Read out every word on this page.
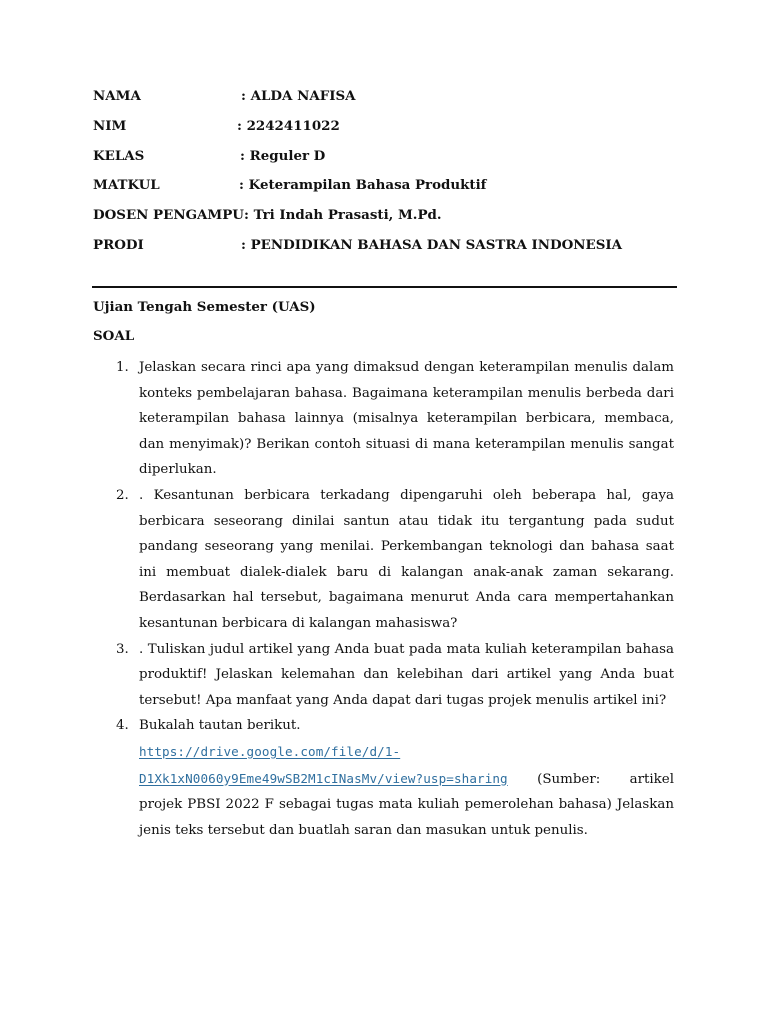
NAMA	: ALDA NAFISA
NIM	: 2242411022
KELAS	: Reguler D
MATKUL	: Keterampilan Bahasa Produktif
DOSEN PENGAMPU : Tri Indah Prasasti, M.Pd.
PRODI	: PENDIDIKAN BAHASA DAN SASTRA INDONESIA
Ujian Tengah Semester (UAS)
SOAL
1. Jelaskan secara rinci apa yang dimaksud dengan keterampilan menulis dalam konteks pembelajaran bahasa. Bagaimana keterampilan menulis berbeda dari keterampilan bahasa lainnya (misalnya keterampilan berbicara, membaca, dan menyimak)? Berikan contoh situasi di mana keterampilan menulis sangat diperlukan.
2. . Kesantunan berbicara terkadang dipengaruhi oleh beberapa hal, gaya berbicara seseorang dinilai santun atau tidak itu tergantung pada sudut pandang seseorang yang menilai. Perkembangan teknologi dan bahasa saat ini membuat dialek-dialek baru di kalangan anak-anak zaman sekarang. Berdasarkan hal tersebut, bagaimana menurut Anda cara mempertahankan kesantunan berbicara di kalangan mahasiswa?
3. . Tuliskan judul artikel yang Anda buat pada mata kuliah keterampilan bahasa produktif! Jelaskan kelemahan dan kelebihan dari artikel yang Anda buat tersebut! Apa manfaat yang Anda dapat dari tugas projek menulis artikel ini?
4. Bukalah tautan berikut.
https://drive.google.com/file/d/1-
D1Xk1xN0060y9Eme49wSB2M1cINasMv/view?usp=sharing (Sumber: artikel
projek PBSI 2022 F sebagai tugas mata kuliah pemerolehan bahasa) Jelaskan jenis teks tersebut dan buatlah saran dan masukan untuk penulis.
